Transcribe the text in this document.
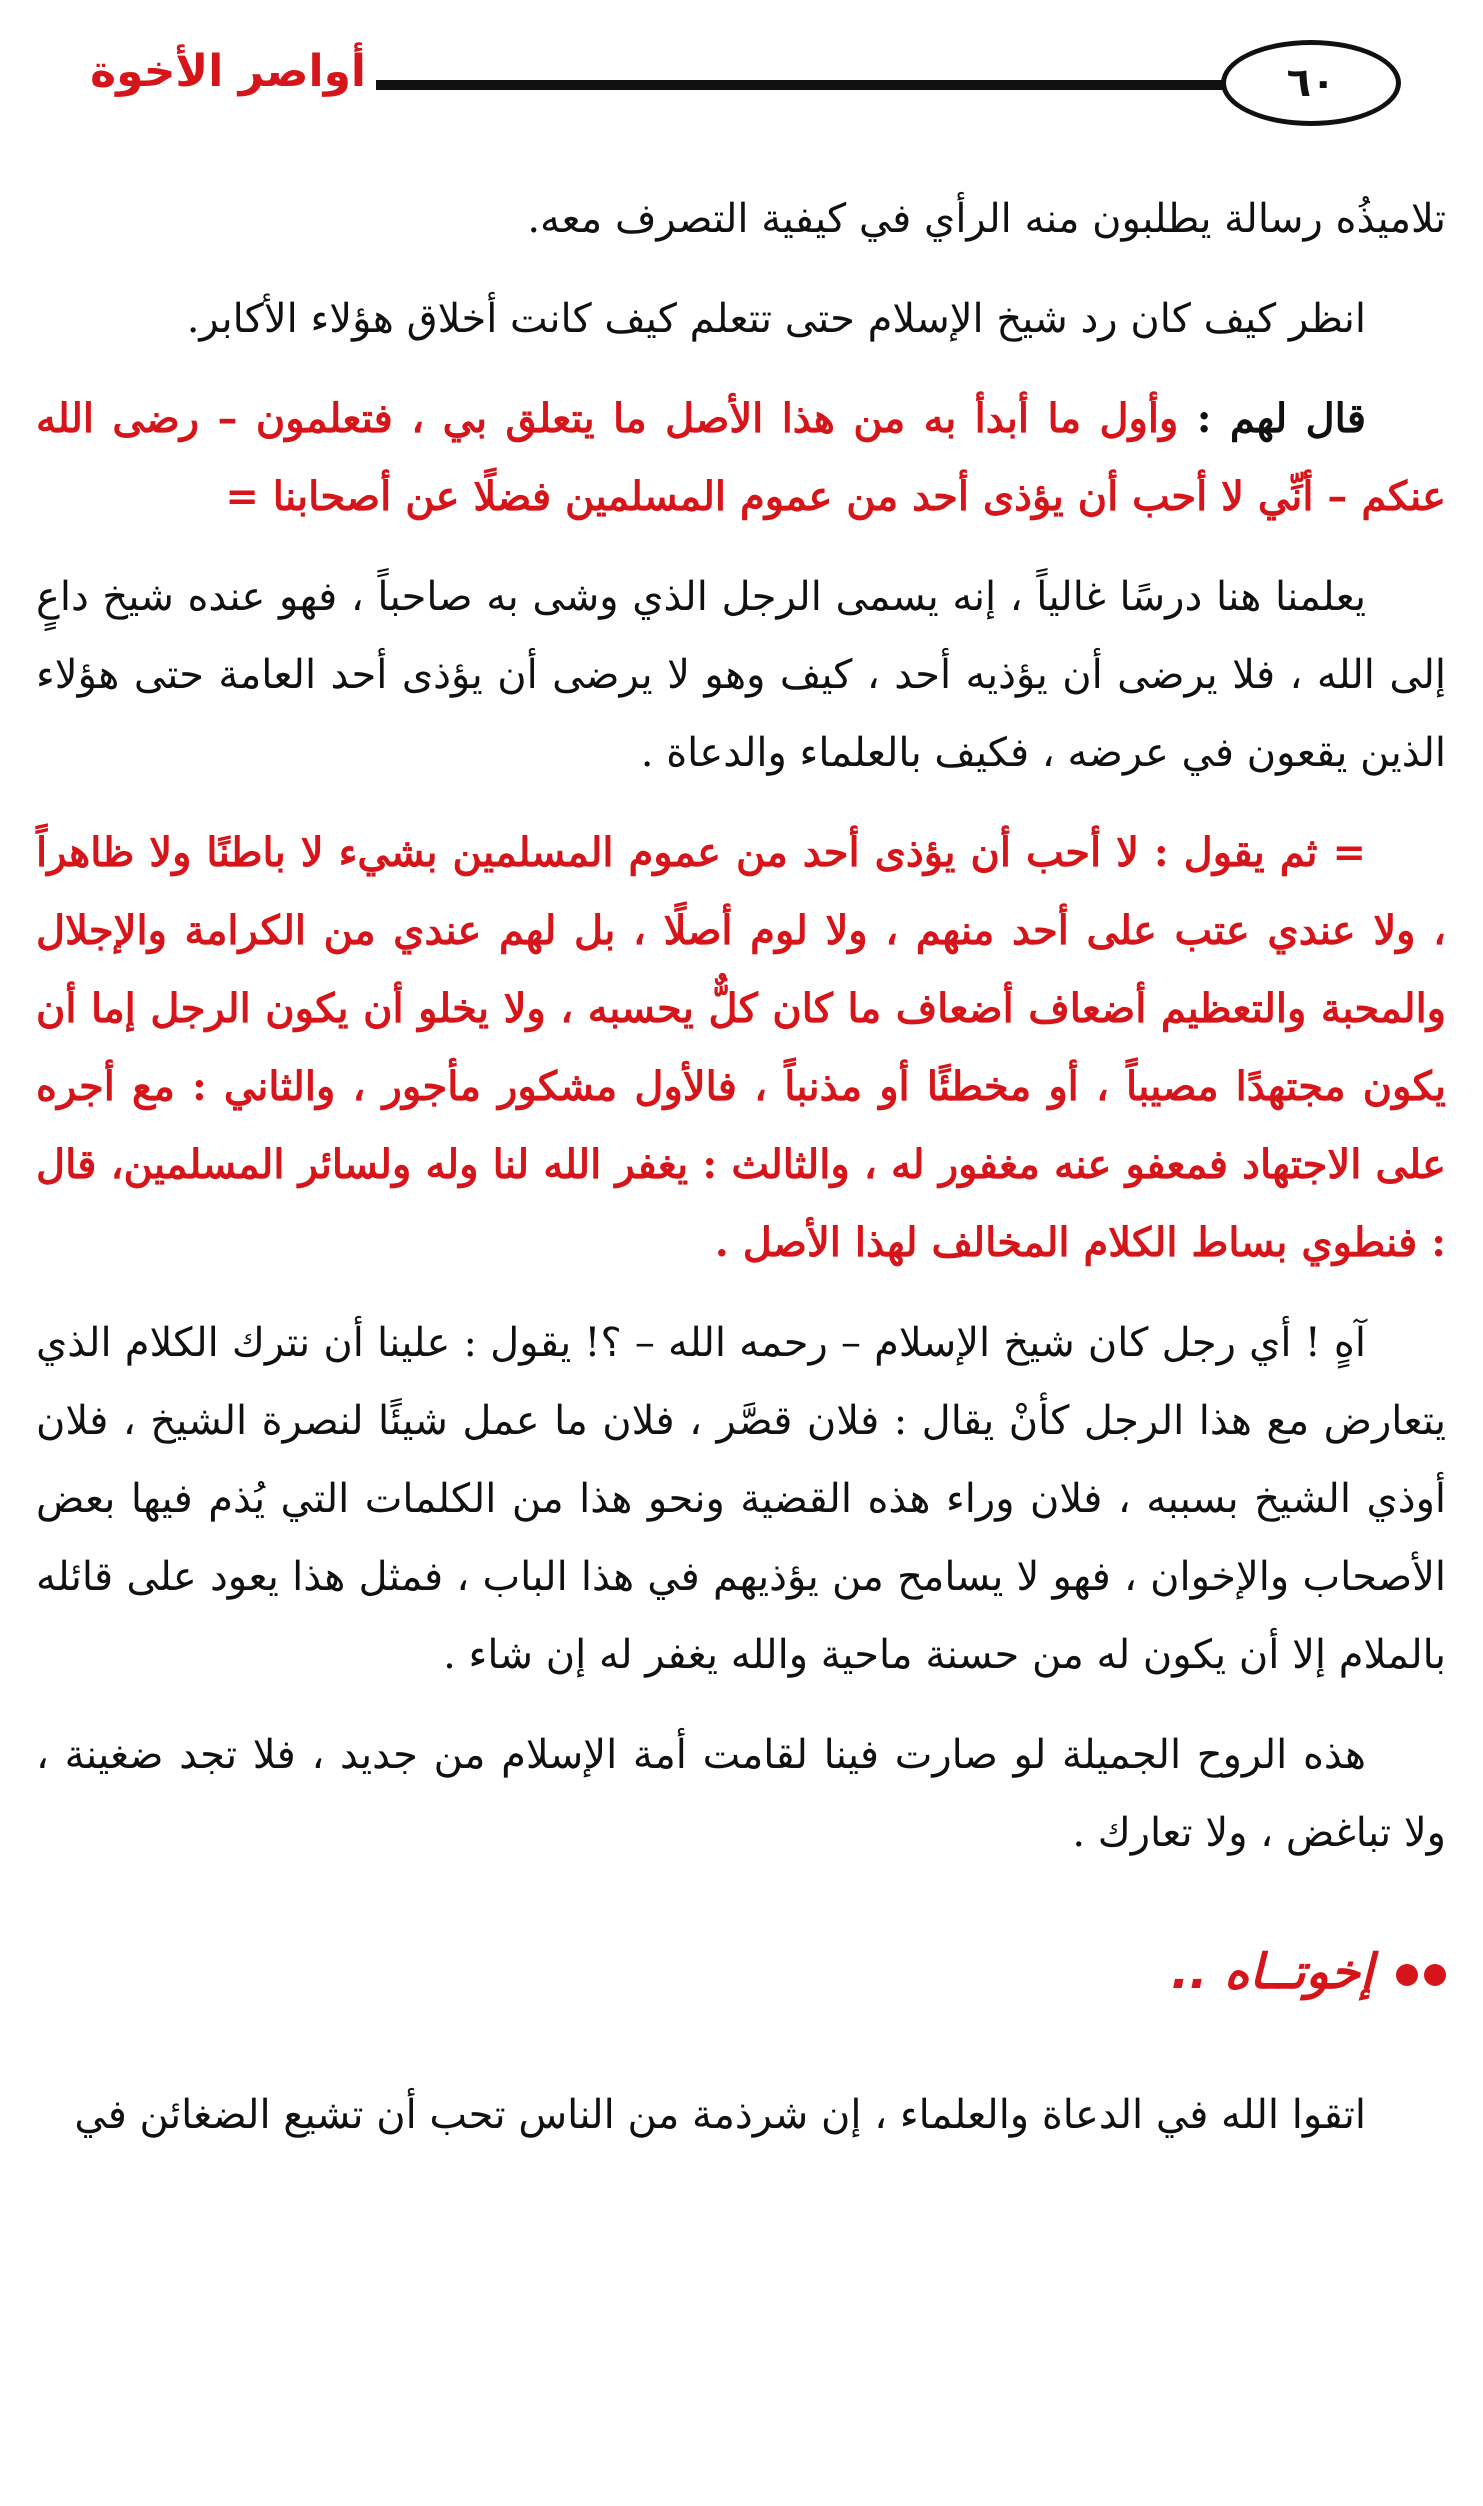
٦٠
أواصر الأخوة

تلاميذُه رسالة يطلبون منه الرأي في كيفية التصرف معه.

انظر كيف كان رد شيخ الإسلام حتى تتعلم كيف كانت أخلاق هؤلاء الأكابر.

قال لهم : وأول ما أبدأ به من هذا الأصل ما يتعلق بي ، فتعلمون – رضى الله عنكم – أنِّي لا أحب أن يؤذى أحد من عموم المسلمين فضلًا عن أصحابنا =

يعلمنا هنا درسًا غالياً ، إنه يسمى الرجل الذي وشى به صاحباً ، فهو عنده شيخ داعٍ إلى الله ، فلا يرضى أن يؤذيه أحد ، كيف وهو لا يرضى أن يؤذى أحد العامة حتى هؤلاء الذين يقعون في عرضه ، فكيف بالعلماء والدعاة .

= ثم يقول : لا أحب أن يؤذى أحد من عموم المسلمين بشيء لا باطنًا ولا ظاهراً ، ولا عندي عتب على أحد منهم ، ولا لوم أصلًا ، بل لهم عندي من الكرامة والإجلال والمحبة والتعظيم أضعاف أضعاف ما كان كلٌّ يحسبه ، ولا يخلو أن يكون الرجل إما أن يكون مجتهدًا مصيباً ، أو مخطئًا أو مذنباً ، فالأول مشكور مأجور ، والثاني : مع أجره على الاجتهاد فمعفو عنه مغفور له ، والثالث : يغفر الله لنا وله ولسائر المسلمين، قال : فنطوي بساط الكلام المخالف لهذا الأصل .

آهٍ ! أي رجل كان شيخ الإسلام – رحمه الله – ؟! يقول : علينا أن نترك الكلام الذي يتعارض مع هذا الرجل كأنْ يقال : فلان قصَّر ، فلان ما عمل شيئًا لنصرة الشيخ ، فلان أوذي الشيخ بسببه ، فلان وراء هذه القضية ونحو هذا من الكلمات التي يُذم فيها بعض الأصحاب والإخوان ، فهو لا يسامح من يؤذيهم في هذا الباب ، فمثل هذا يعود على قائله بالملام إلا أن يكون له من حسنة ماحية والله يغفر له إن شاء .

هذه الروح الجميلة لو صارت فينا لقامت أمة الإسلام من جديد ، فلا تجد ضغينة ، ولا تباغض ، ولا تعارك .

إخوتــاه ..

اتقوا الله في الدعاة والعلماء ، إن شرذمة من الناس تحب أن تشيع الضغائن في
